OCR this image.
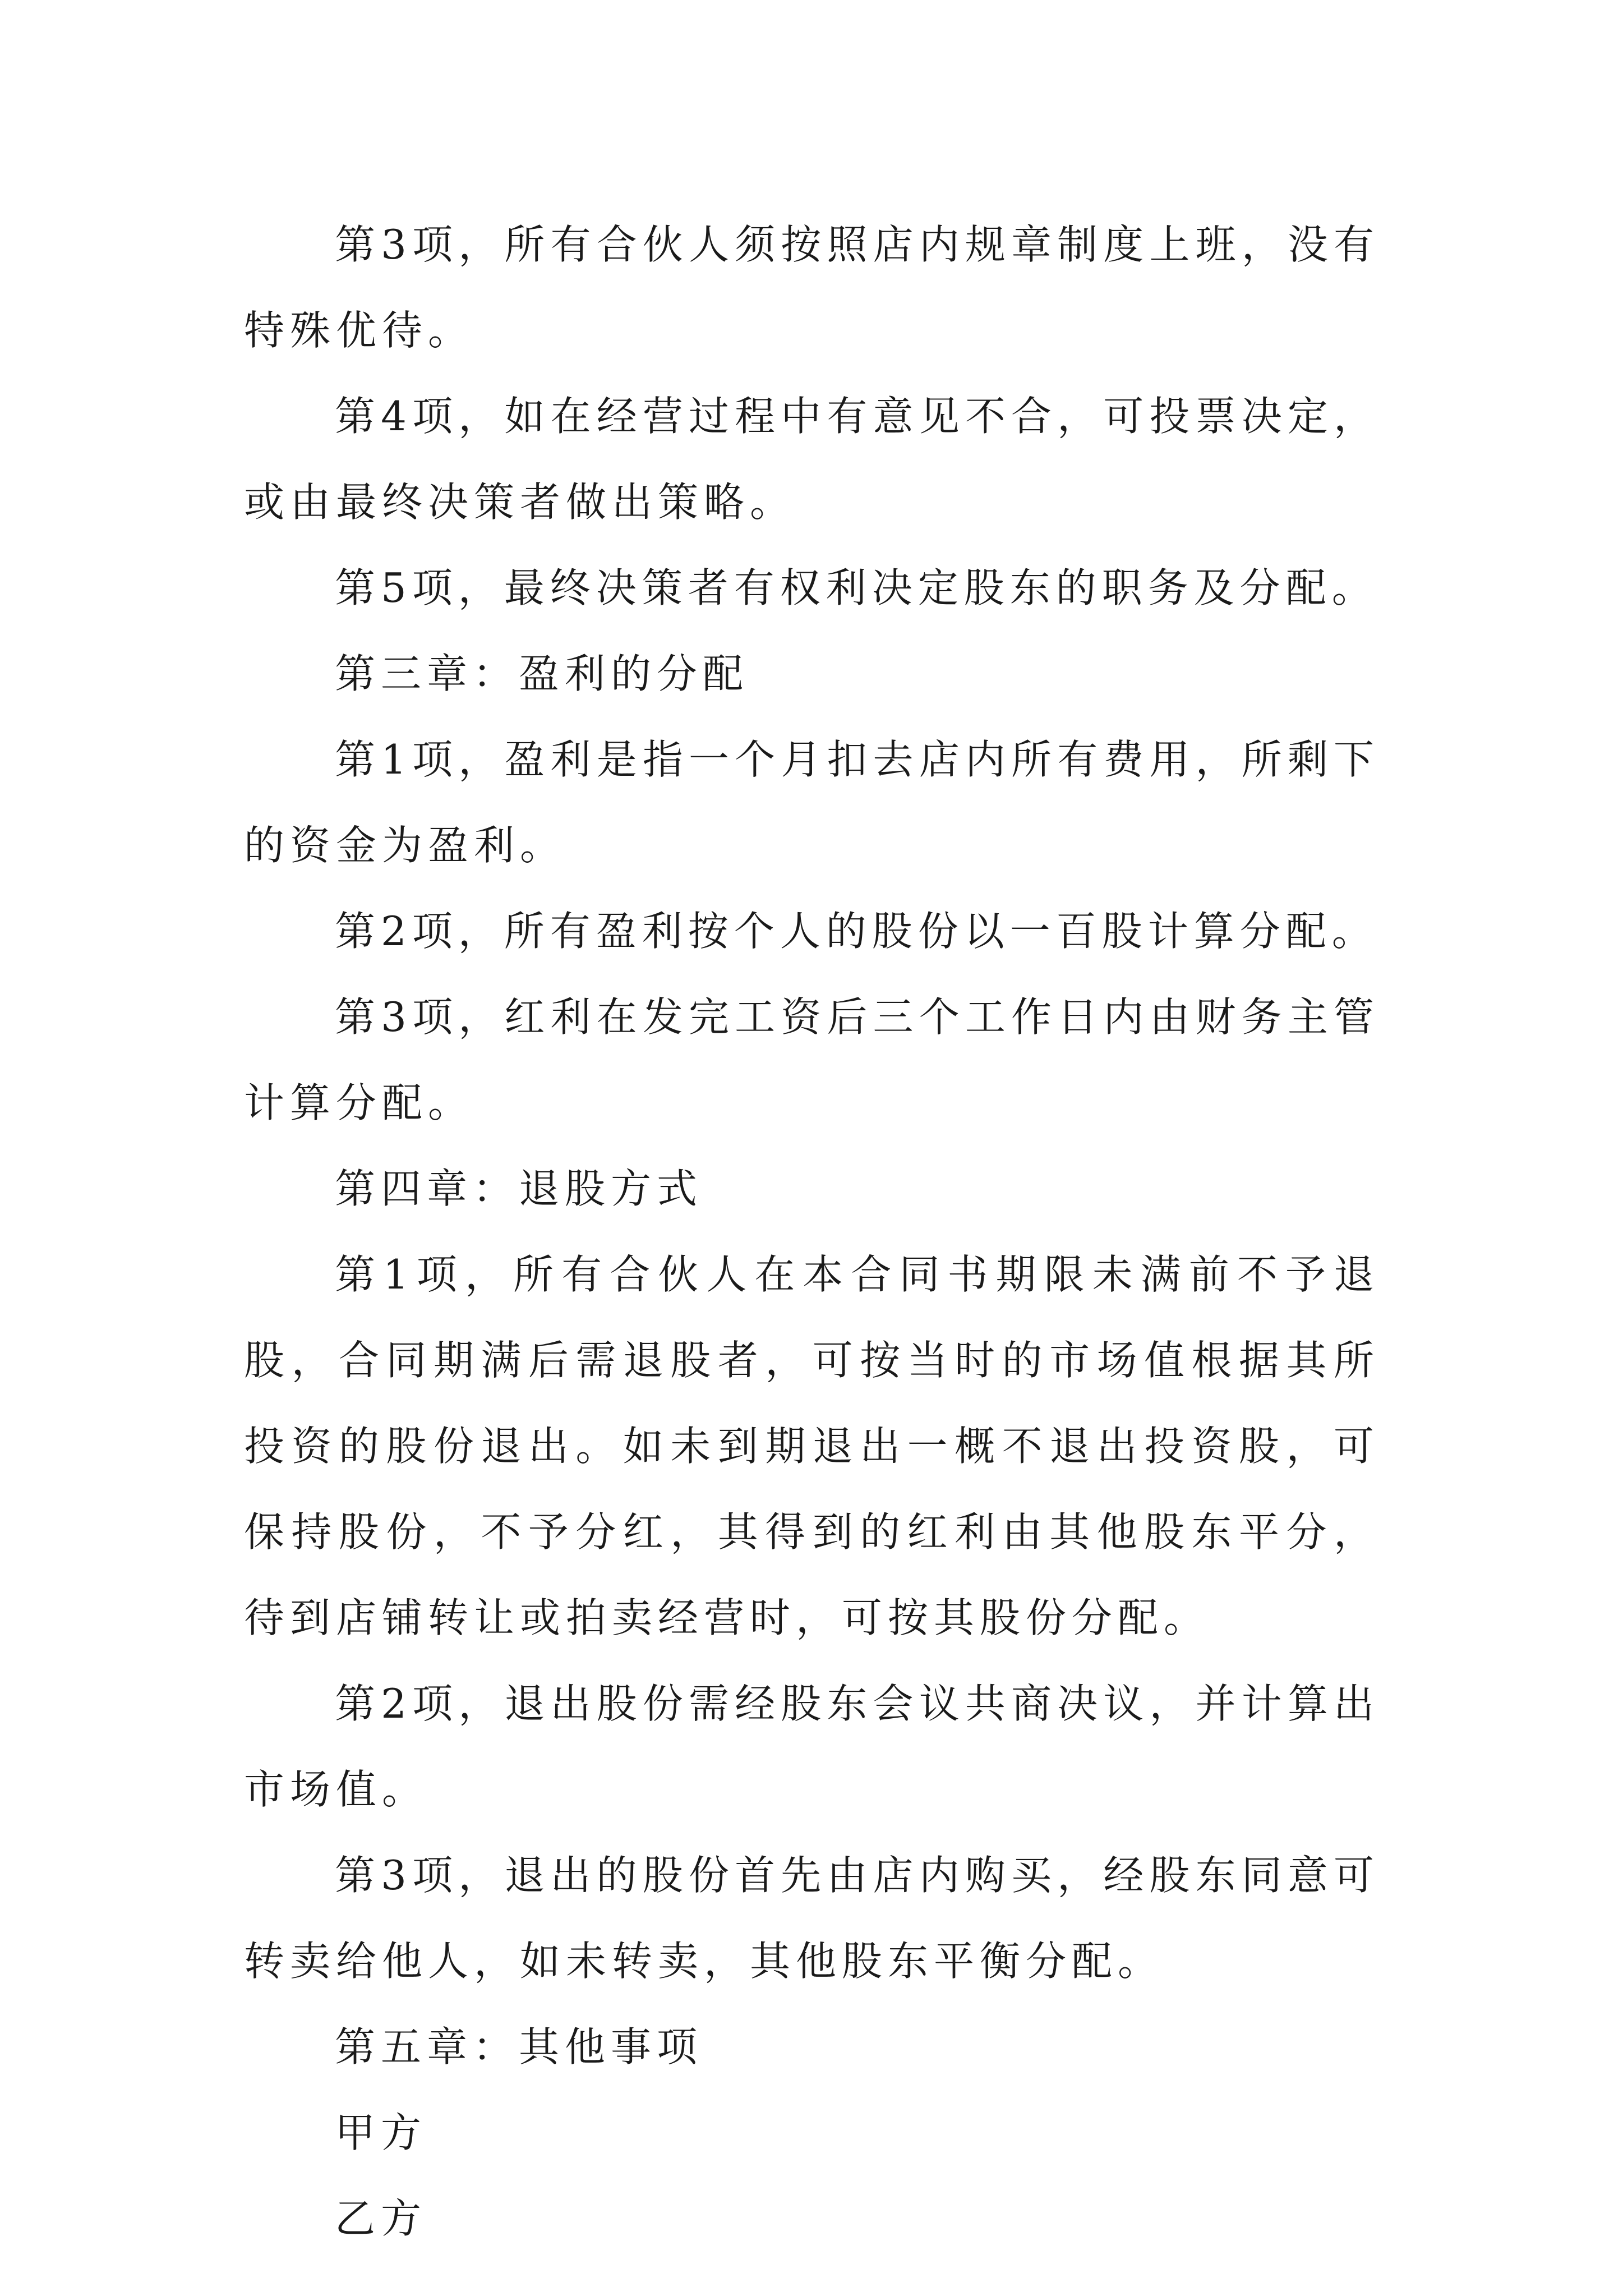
第3项，所有合伙人须按照店内规章制度上班，没有特殊优待。

第4项，如在经营过程中有意见不合，可投票决定，或由最终决策者做出策略。

第5项，最终决策者有权利决定股东的职务及分配。

第三章：盈利的分配

第1项，盈利是指一个月扣去店内所有费用，所剩下的资金为盈利。

第2项，所有盈利按个人的股份以一百股计算分配。

第3项，红利在发完工资后三个工作日内由财务主管计算分配。

第四章：退股方式

第1项，所有合伙人在本合同书期限未满前不予退股，合同期满后需退股者，可按当时的市场值根据其所投资的股份退出。如未到期退出一概不退出投资股，可保持股份，不予分红，其得到的红利由其他股东平分，待到店铺转让或拍卖经营时，可按其股份分配。

第2项，退出股份需经股东会议共商决议，并计算出市场值。

第3项，退出的股份首先由店内购买，经股东同意可转卖给他人，如未转卖，其他股东平衡分配。

第五章：其他事项

甲方

乙方
